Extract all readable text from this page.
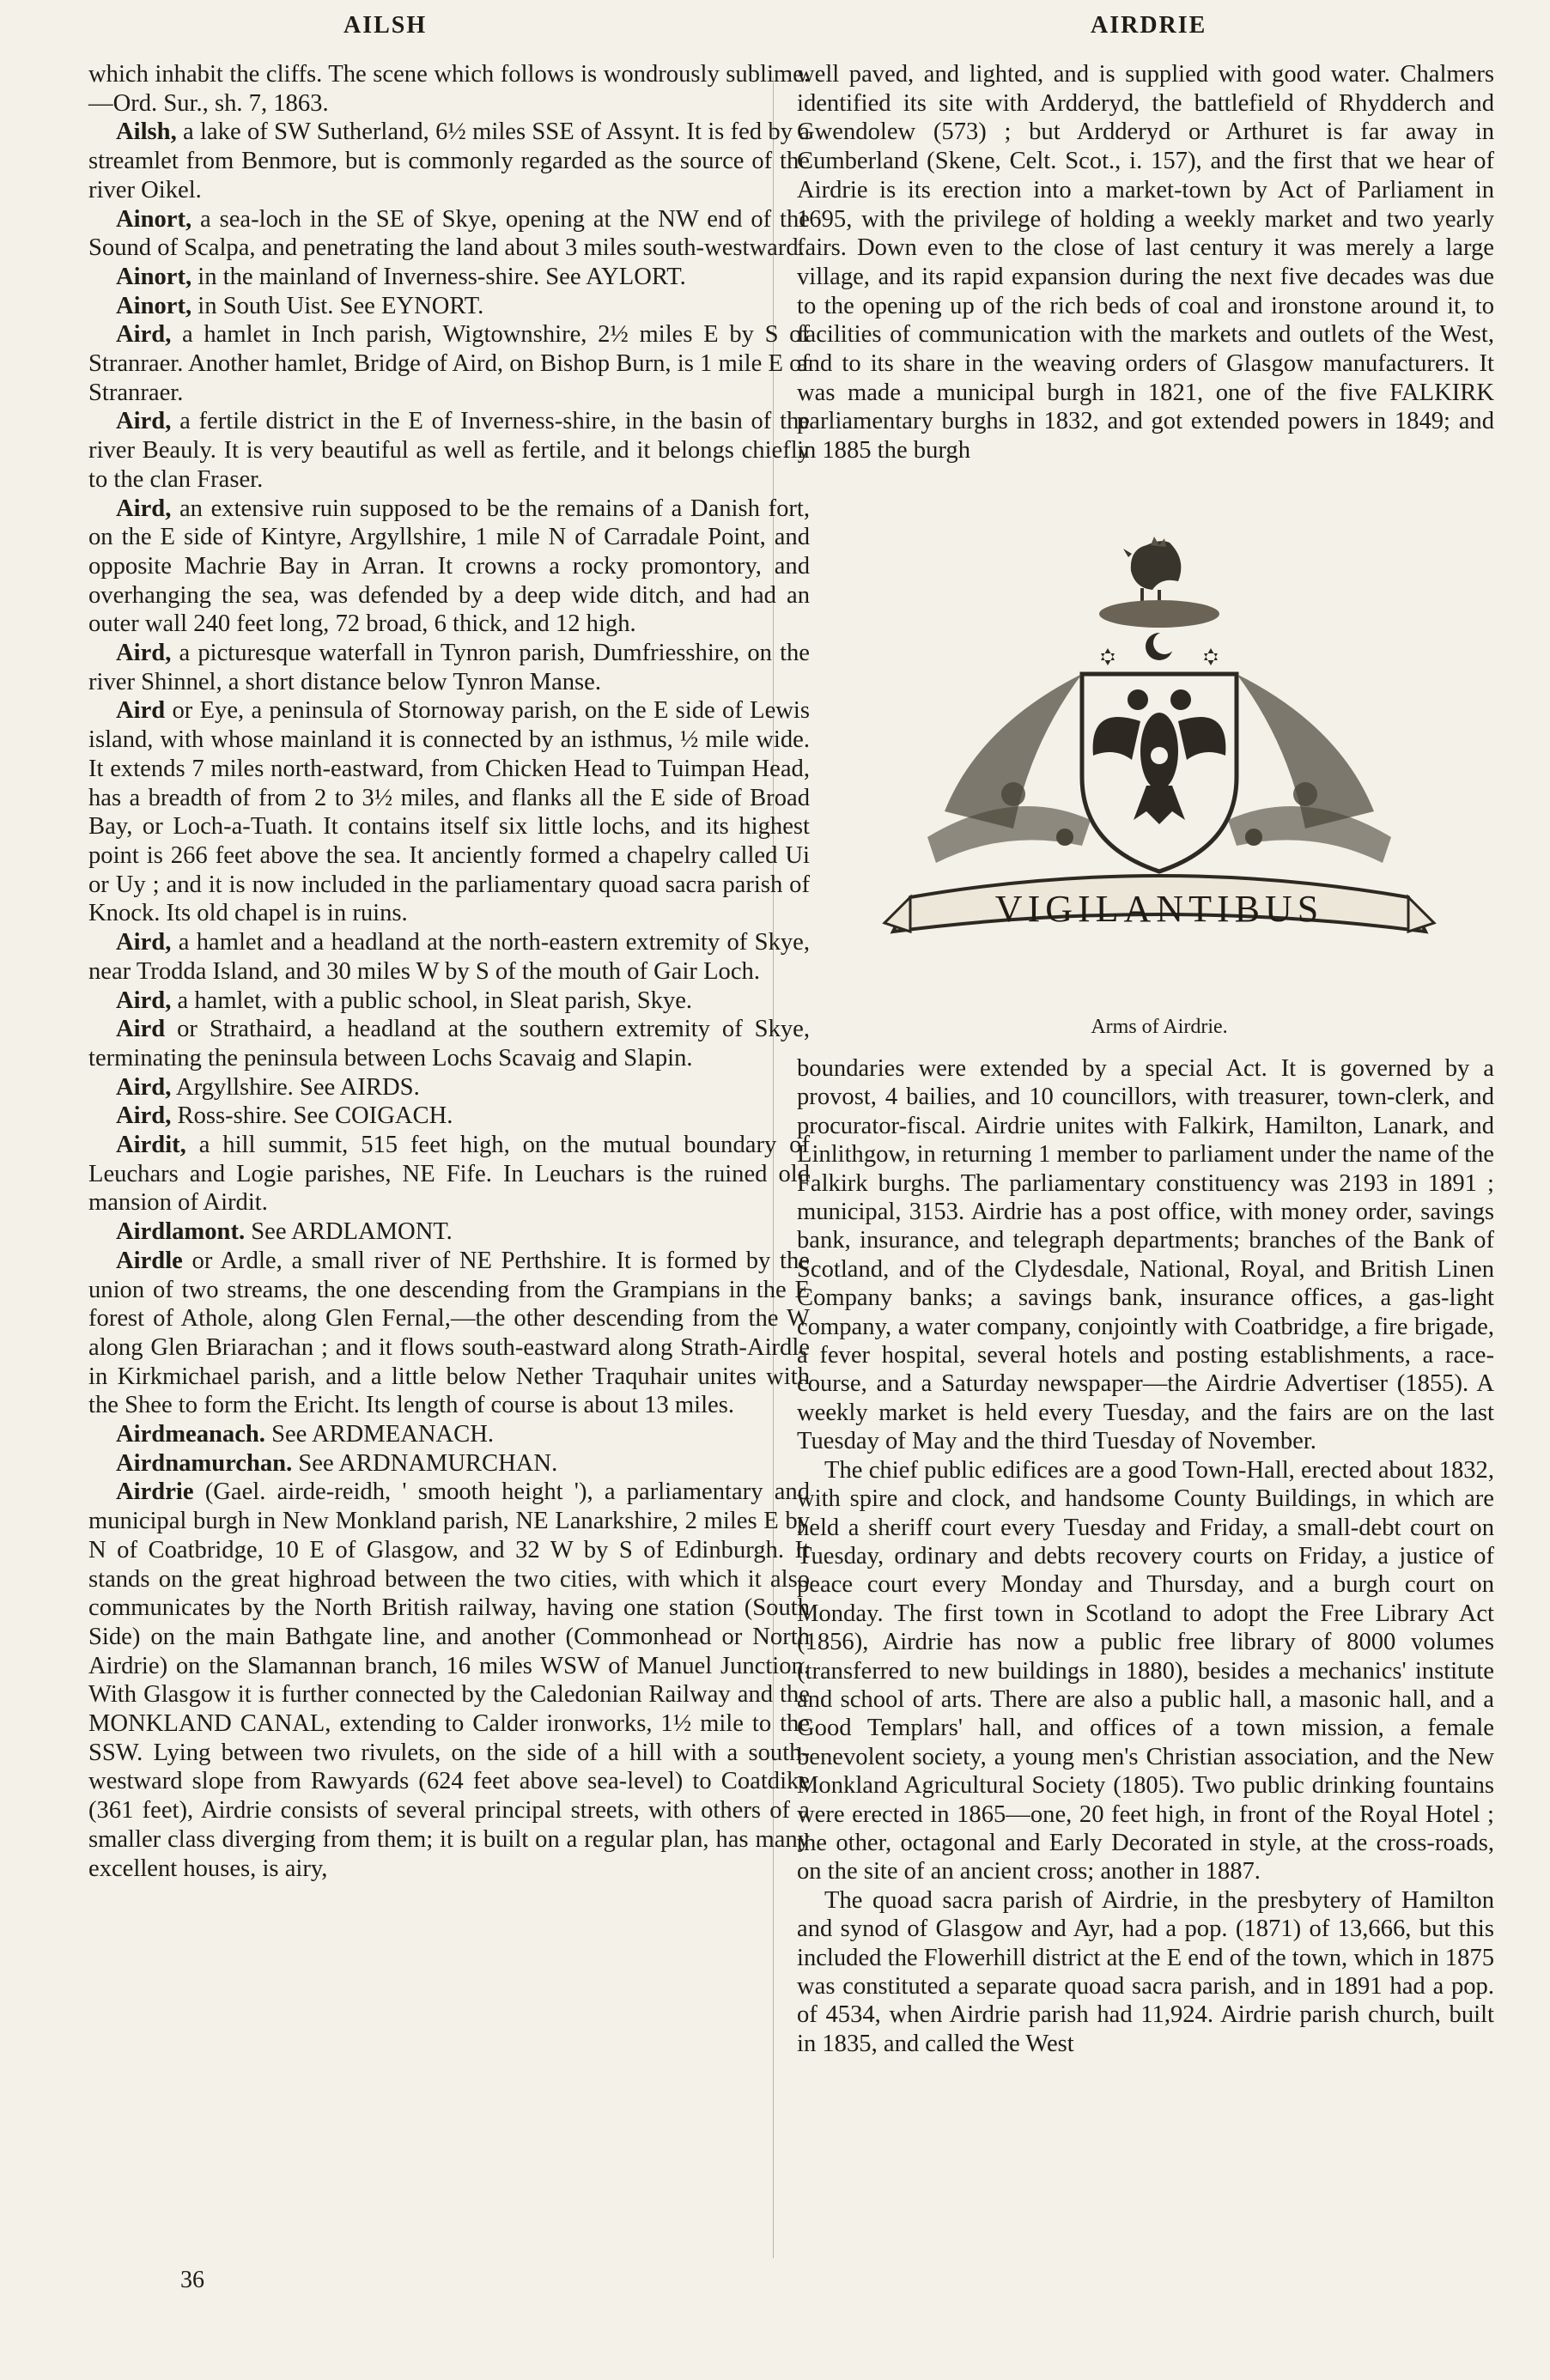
AILSH	AIRDRIE

which inhabit the cliffs. The scene which follows is wondrously sublime.—Ord. Sur., sh. 7, 1863.

Ailsh, a lake of SW Sutherland, 6½ miles SSE of Assynt. It is fed by a streamlet from Benmore, but is commonly regarded as the source of the river Oikel.

Ainort, a sea-loch in the SE of Skye, opening at the NW end of the Sound of Scalpa, and penetrating the land about 3 miles south-westward.

Ainort, in the mainland of Inverness-shire. See AYLORT.

Ainort, in South Uist. See EYNORT.

Aird, a hamlet in Inch parish, Wigtownshire, 2½ miles E by S of Stranraer. Another hamlet, Bridge of Aird, on Bishop Burn, is 1 mile E of Stranraer.

Aird, a fertile district in the E of Inverness-shire, in the basin of the river Beauly. It is very beautiful as well as fertile, and it belongs chiefly to the clan Fraser.

Aird, an extensive ruin supposed to be the remains of a Danish fort, on the E side of Kintyre, Argyllshire, 1 mile N of Carradale Point, and opposite Machrie Bay in Arran. It crowns a rocky promontory, and overhanging the sea, was defended by a deep wide ditch, and had an outer wall 240 feet long, 72 broad, 6 thick, and 12 high.

Aird, a picturesque waterfall in Tynron parish, Dumfriesshire, on the river Shinnel, a short distance below Tynron Manse.

Aird or Eye, a peninsula of Stornoway parish, on the E side of Lewis island, with whose mainland it is connected by an isthmus, ½ mile wide. It extends 7 miles north-eastward, from Chicken Head to Tuimpan Head, has a breadth of from 2 to 3½ miles, and flanks all the E side of Broad Bay, or Loch-a-Tuath. It contains itself six little lochs, and its highest point is 266 feet above the sea. It anciently formed a chapelry called Ui or Uy ; and it is now included in the parliamentary quoad sacra parish of Knock. Its old chapel is in ruins.

Aird, a hamlet and a headland at the north-eastern extremity of Skye, near Trodda Island, and 30 miles W by S of the mouth of Gair Loch.

Aird, a hamlet, with a public school, in Sleat parish, Skye.

Aird or Strathaird, a headland at the southern extremity of Skye, terminating the peninsula between Lochs Scavaig and Slapin.

Aird, Argyllshire. See AIRDS.

Aird, Ross-shire. See COIGACH.

Airdit, a hill summit, 515 feet high, on the mutual boundary of Leuchars and Logie parishes, NE Fife. In Leuchars is the ruined old mansion of Airdit.

Airdlamont. See ARDLAMONT.

Airdle or Ardle, a small river of NE Perthshire. It is formed by the union of two streams, the one descending from the Grampians in the E forest of Athole, along Glen Fernal,—the other descending from the W along Glen Briarachan ; and it flows south-eastward along Strath-Airdle in Kirkmichael parish, and a little below Nether Traquhair unites with the Shee to form the Ericht. Its length of course is about 13 miles.

Airdmeanach. See ARDMEANACH.

Airdnamurchan. See ARDNAMURCHAN.

Airdrie (Gael. airde-reidh, ' smooth height '), a parliamentary and municipal burgh in New Monkland parish, NE Lanarkshire, 2 miles E by N of Coatbridge, 10 E of Glasgow, and 32 W by S of Edinburgh. It stands on the great highroad between the two cities, with which it also communicates by the North British railway, having one station (South Side) on the main Bathgate line, and another (Commonhead or North Airdrie) on the Slamannan branch, 16 miles WSW of Manuel Junction. With Glasgow it is further connected by the Caledonian Railway and the MONKLAND CANAL, extending to Calder ironworks, 1½ mile to the SSW. Lying between two rivulets, on the side of a hill with a south-westward slope from Rawyards (624 feet above sea-level) to Coatdike (361 feet), Airdrie consists of several principal streets, with others of a smaller class diverging from them; it is built on a regular plan, has many excellent houses, is airy,

well paved, and lighted, and is supplied with good water. Chalmers identified its site with Ardderyd, the battlefield of Rhydderch and Gwendolew (573) ; but Ardderyd or Arthuret is far away in Cumberland (Skene, Celt. Scot., i. 157), and the first that we hear of Airdrie is its erection into a market-town by Act of Parliament in 1695, with the privilege of holding a weekly market and two yearly fairs. Down even to the close of last century it was merely a large village, and its rapid expansion during the next five decades was due to the opening up of the rich beds of coal and ironstone around it, to facilities of communication with the markets and outlets of the West, and to its share in the weaving orders of Glasgow manufacturers. It was made a municipal burgh in 1821, one of the five FALKIRK parliamentary burghs in 1832, and got extended powers in 1849; and in 1885 the burgh

VIGILANTIBUS
Arms of Airdrie.

boundaries were extended by a special Act. It is governed by a provost, 4 bailies, and 10 councillors, with treasurer, town-clerk, and procurator-fiscal. Airdrie unites with Falkirk, Hamilton, Lanark, and Linlithgow, in returning 1 member to parliament under the name of the Falkirk burghs. The parliamentary constituency was 2193 in 1891 ; municipal, 3153. Airdrie has a post office, with money order, savings bank, insurance, and telegraph departments; branches of the Bank of Scotland, and of the Clydesdale, National, Royal, and British Linen Company banks; a savings bank, insurance offices, a gas-light company, a water company, conjointly with Coatbridge, a fire brigade, a fever hospital, several hotels and posting establishments, a race-course, and a Saturday newspaper—the Airdrie Advertiser (1855). A weekly market is held every Tuesday, and the fairs are on the last Tuesday of May and the third Tuesday of November.

The chief public edifices are a good Town-Hall, erected about 1832, with spire and clock, and handsome County Buildings, in which are held a sheriff court every Tuesday and Friday, a small-debt court on Tuesday, ordinary and debts recovery courts on Friday, a justice of peace court every Monday and Thursday, and a burgh court on Monday. The first town in Scotland to adopt the Free Library Act (1856), Airdrie has now a public free library of 8000 volumes (transferred to new buildings in 1880), besides a mechanics' institute and school of arts. There are also a public hall, a masonic hall, and a Good Templars' hall, and offices of a town mission, a female benevolent society, a young men's Christian association, and the New Monkland Agricultural Society (1805). Two public drinking fountains were erected in 1865—one, 20 feet high, in front of the Royal Hotel ; the other, octagonal and Early Decorated in style, at the cross-roads, on the site of an ancient cross; another in 1887.

The quoad sacra parish of Airdrie, in the presbytery of Hamilton and synod of Glasgow and Ayr, had a pop. (1871) of 13,666, but this included the Flowerhill district at the E end of the town, which in 1875 was constituted a separate quoad sacra parish, and in 1891 had a pop. of 4534, when Airdrie parish had 11,924. Airdrie parish church, built in 1835, and called the West

36
